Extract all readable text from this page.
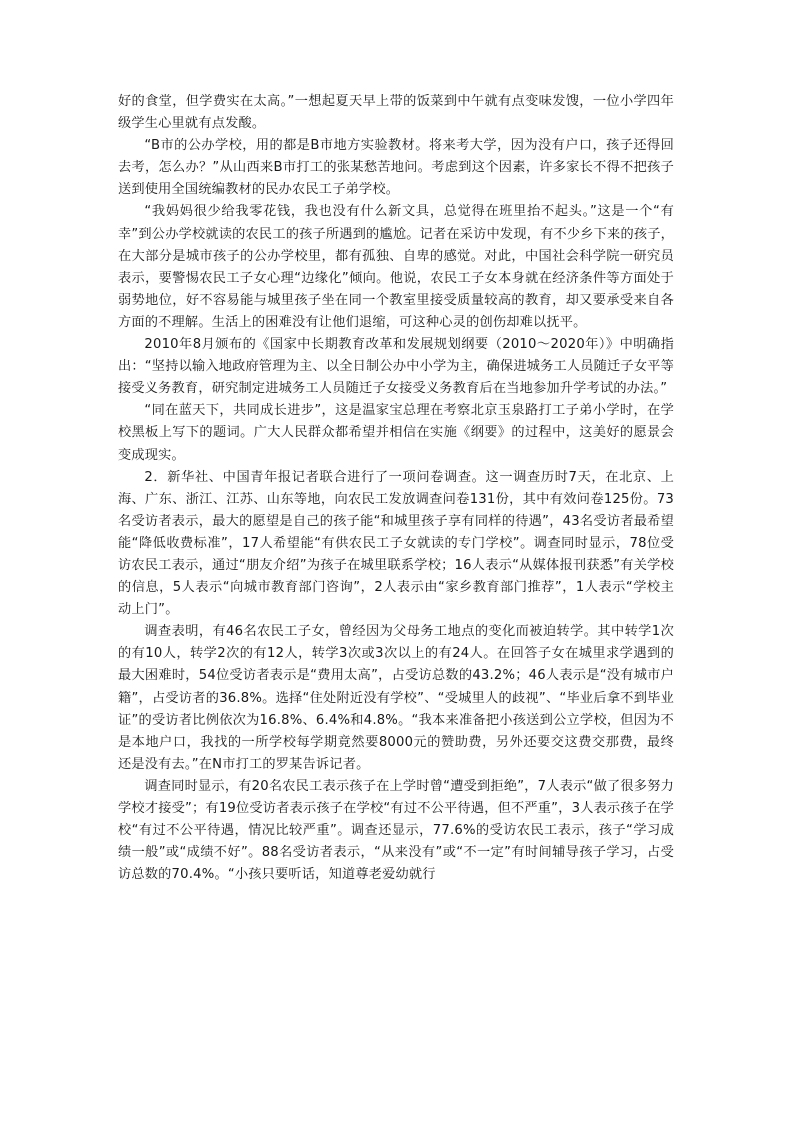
好的食堂，但学费实在太高。”一想起夏天早上带的饭菜到中午就有点变味发馊，一位小学四年级学生心里就有点发酸。

“B市的公办学校，用的都是B市地方实验教材。将来考大学，因为没有户口，孩子还得回去考，怎么办？”从山西来B市打工的张某愁苦地问。考虑到这个因素，许多家长不得不把孩子送到使用全国统编教材的民办农民工子弟学校。

“我妈妈很少给我零花钱，我也没有什么新文具，总觉得在班里抬不起头。”这是一个“有幸”到公办学校就读的农民工的孩子所遇到的尴尬。记者在采访中发现，有不少乡下来的孩子，在大部分是城市孩子的公办学校里，都有孤独、自卑的感觉。对此，中国社会科学院一研究员表示，要警惕农民工子女心理“边缘化”倾向。他说，农民工子女本身就在经济条件等方面处于弱势地位，好不容易能与城里孩子坐在同一个教室里接受质量较高的教育，却又要承受来自各方面的不理解。生活上的困难没有让他们退缩，可这种心灵的创伤却难以抚平。

2010年8月颁布的《国家中长期教育改革和发展规划纲要（2010～2020年）》中明确指出：“坚持以输入地政府管理为主、以全日制公办中小学为主，确保进城务工人员随迁子女平等接受义务教育，研究制定进城务工人员随迁子女接受义务教育后在当地参加升学考试的办法。”

“同在蓝天下，共同成长进步”，这是温家宝总理在考察北京玉泉路打工子弟小学时，在学校黑板上写下的题词。广大人民群众都希望并相信在实施《纲要》的过程中，这美好的愿景会变成现实。

2．新华社、中国青年报记者联合进行了一项问卷调查。这一调查历时7天，在北京、上海、广东、浙江、江苏、山东等地，向农民工发放调查问卷131份，其中有效问卷125份。73名受访者表示，最大的愿望是自己的孩子能“和城里孩子享有同样的待遇”，43名受访者最希望能“降低收费标准”，17人希望能“有供农民工子女就读的专门学校”。调查同时显示，78位受访农民工表示，通过“朋友介绍”为孩子在城里联系学校；16人表示“从媒体报刊获悉”有关学校的信息，5人表示“向城市教育部门咨询”，2人表示由“家乡教育部门推荐”，1人表示“学校主动上门”。

调查表明，有46名农民工子女，曾经因为父母务工地点的变化而被迫转学。其中转学1次的有10人，转学2次的有12人，转学3次或3次以上的有24人。在回答子女在城里求学遇到的最大困难时，54位受访者表示是“费用太高”，占受访总数的43.2%；46人表示是“没有城市户籍”，占受访者的36.8%。选择“住处附近没有学校”、“受城里人的歧视”、“毕业后拿不到毕业证”的受访者比例依次为16.8%、6.4%和4.8%。“我本来准备把小孩送到公立学校，但因为不是本地户口，我找的一所学校每学期竟然要8000元的赞助费，另外还要交这费交那费，最终还是没有去。”在N市打工的罗某告诉记者。

调查同时显示，有20名农民工表示孩子在上学时曾“遭受到拒绝”，7人表示“做了很多努力学校才接受”；有19位受访者表示孩子在学校“有过不公平待遇，但不严重”，3人表示孩子在学校“有过不公平待遇，情况比较严重”。调查还显示，77.6%的受访农民工表示，孩子“学习成绩一般”或“成绩不好”。88名受访者表示，“从来没有”或“不一定”有时间辅导孩子学习，占受访总数的70.4%。“小孩只要听话，知道尊老爱幼就行
